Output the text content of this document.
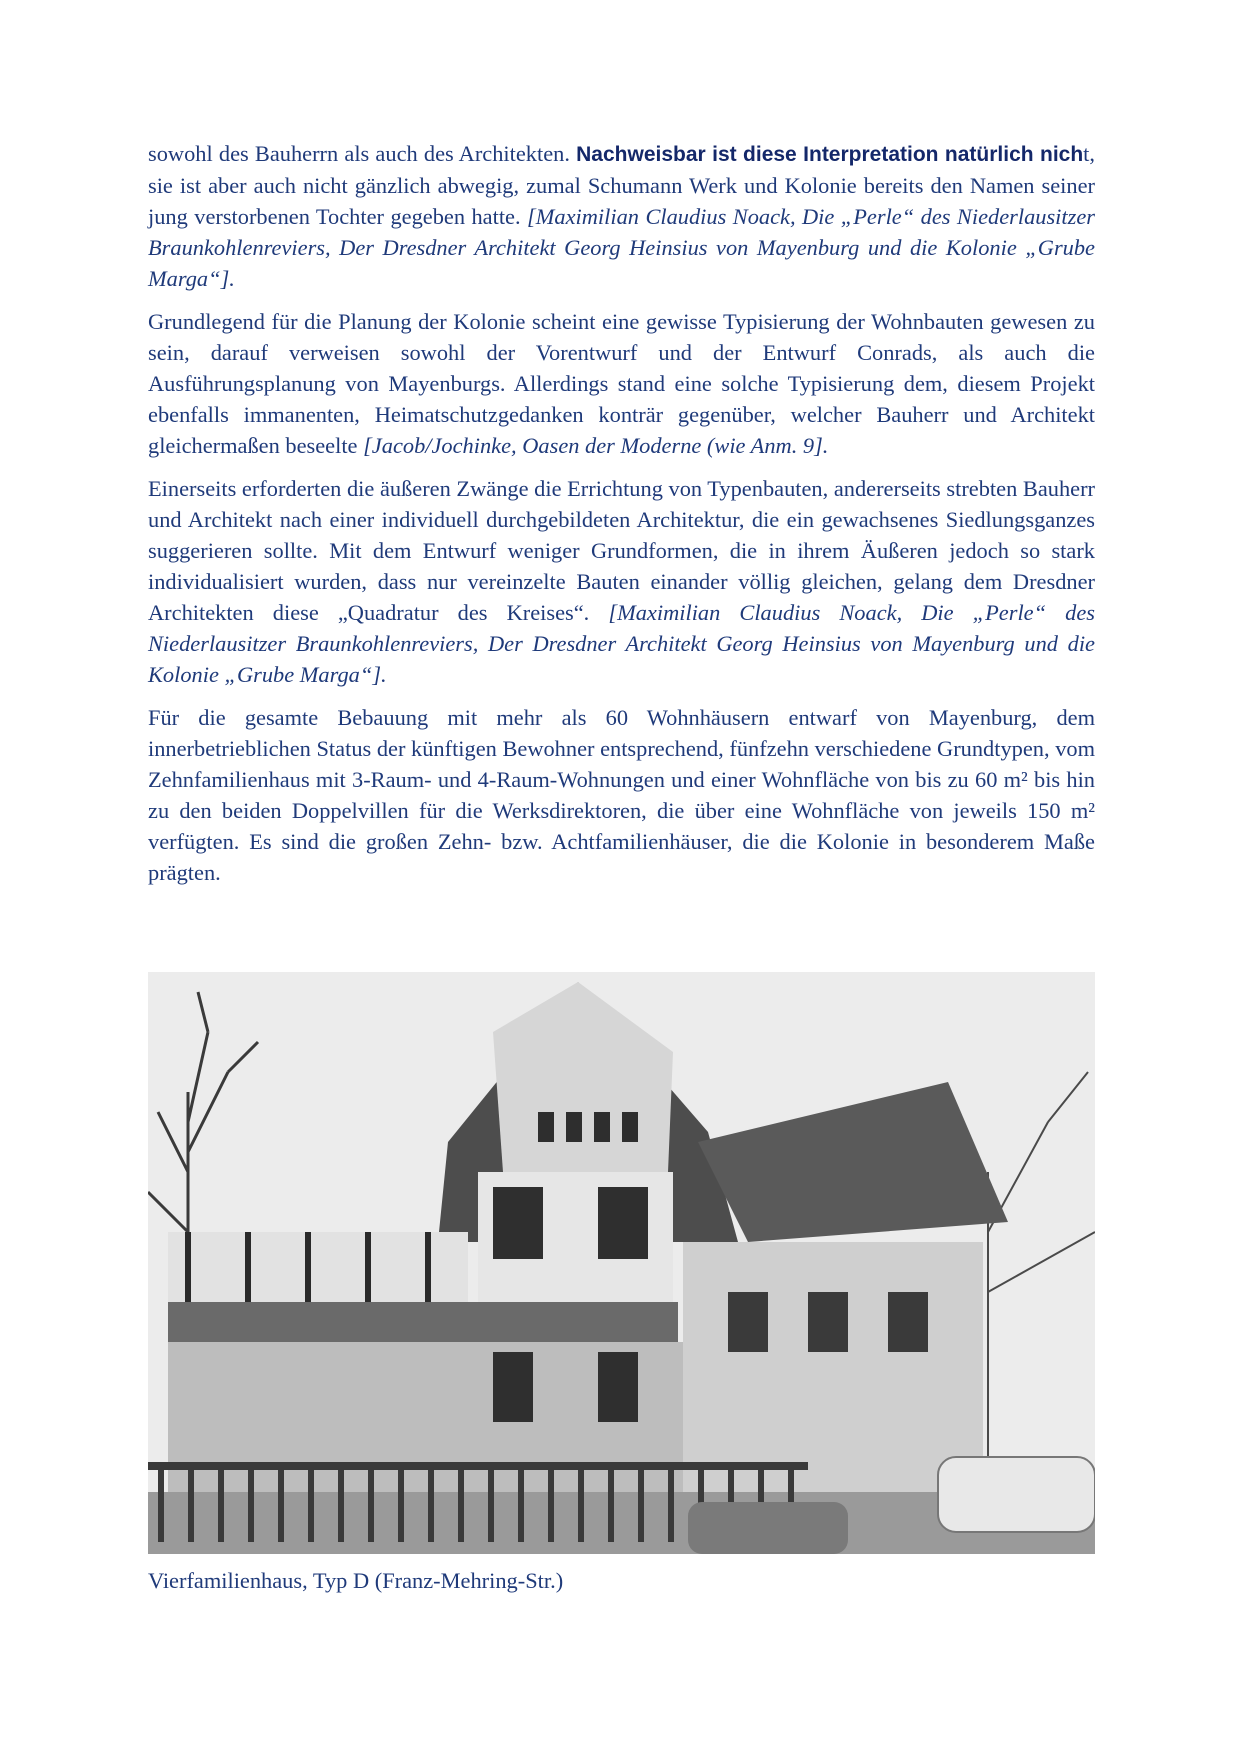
sowohl des Bauherrn als auch des Architekten. Nachweisbar ist diese Interpretation natürlich nicht, sie ist aber auch nicht gänzlich abwegig, zumal Schumann Werk und Kolonie bereits den Namen seiner jung verstorbenen Tochter gegeben hatte. [Maximilian Claudius Noack, Die „Perle“ des Niederlausitzer Braunkohlenreviers, Der Dresdner Architekt Georg Heinsius von Mayenburg und die Kolonie „Grube Marga“].

Grundlegend für die Planung der Kolonie scheint eine gewisse Typisierung der Wohnbauten gewesen zu sein, darauf verweisen sowohl der Vorentwurf und der Entwurf Conrads, als auch die Ausführungsplanung von Mayenburgs. Allerdings stand eine solche Typisierung dem, diesem Projekt ebenfalls immanenten, Heimatschutzgedanken konträr gegenüber, welcher Bauherr und Architekt gleichermaßen beseelte [Jacob/Jochinke, Oasen der Moderne (wie Anm. 9].

Einerseits erforderten die äußeren Zwänge die Errichtung von Typenbauten, andererseits strebten Bauherr und Architekt nach einer individuell durchgebildeten Architektur, die ein gewachsenes Siedlungsganzes suggerieren sollte. Mit dem Entwurf weniger Grundformen, die in ihrem Äußeren jedoch so stark individualisiert wurden, dass nur vereinzelte Bauten einander völlig gleichen, gelang dem Dresdner Architekten diese „Quadratur des Kreises“. [Maximilian Claudius Noack, Die „Perle“ des Niederlausitzer Braunkohlenreviers, Der Dresdner Architekt Georg Heinsius von Mayenburg und die Kolonie „Grube Marga“].

Für die gesamte Bebauung mit mehr als 60 Wohnhäusern entwarf von Mayenburg, dem innerbetrieblichen Status der künftigen Bewohner entsprechend, fünfzehn verschiedene Grundtypen, vom Zehnfamilienhaus mit 3-Raum- und 4-Raum-Wohnungen und einer Wohnfläche von bis zu 60 m² bis hin zu den beiden Doppelvillen für die Werksdirektoren, die über eine Wohnfläche von jeweils 150 m² verfügten. Es sind die großen Zehn- bzw. Achtfamilienhäuser, die die Kolonie in besonderem Maße prägten.

Vierfamilienhaus, Typ D (Franz-Mehring-Str.)
